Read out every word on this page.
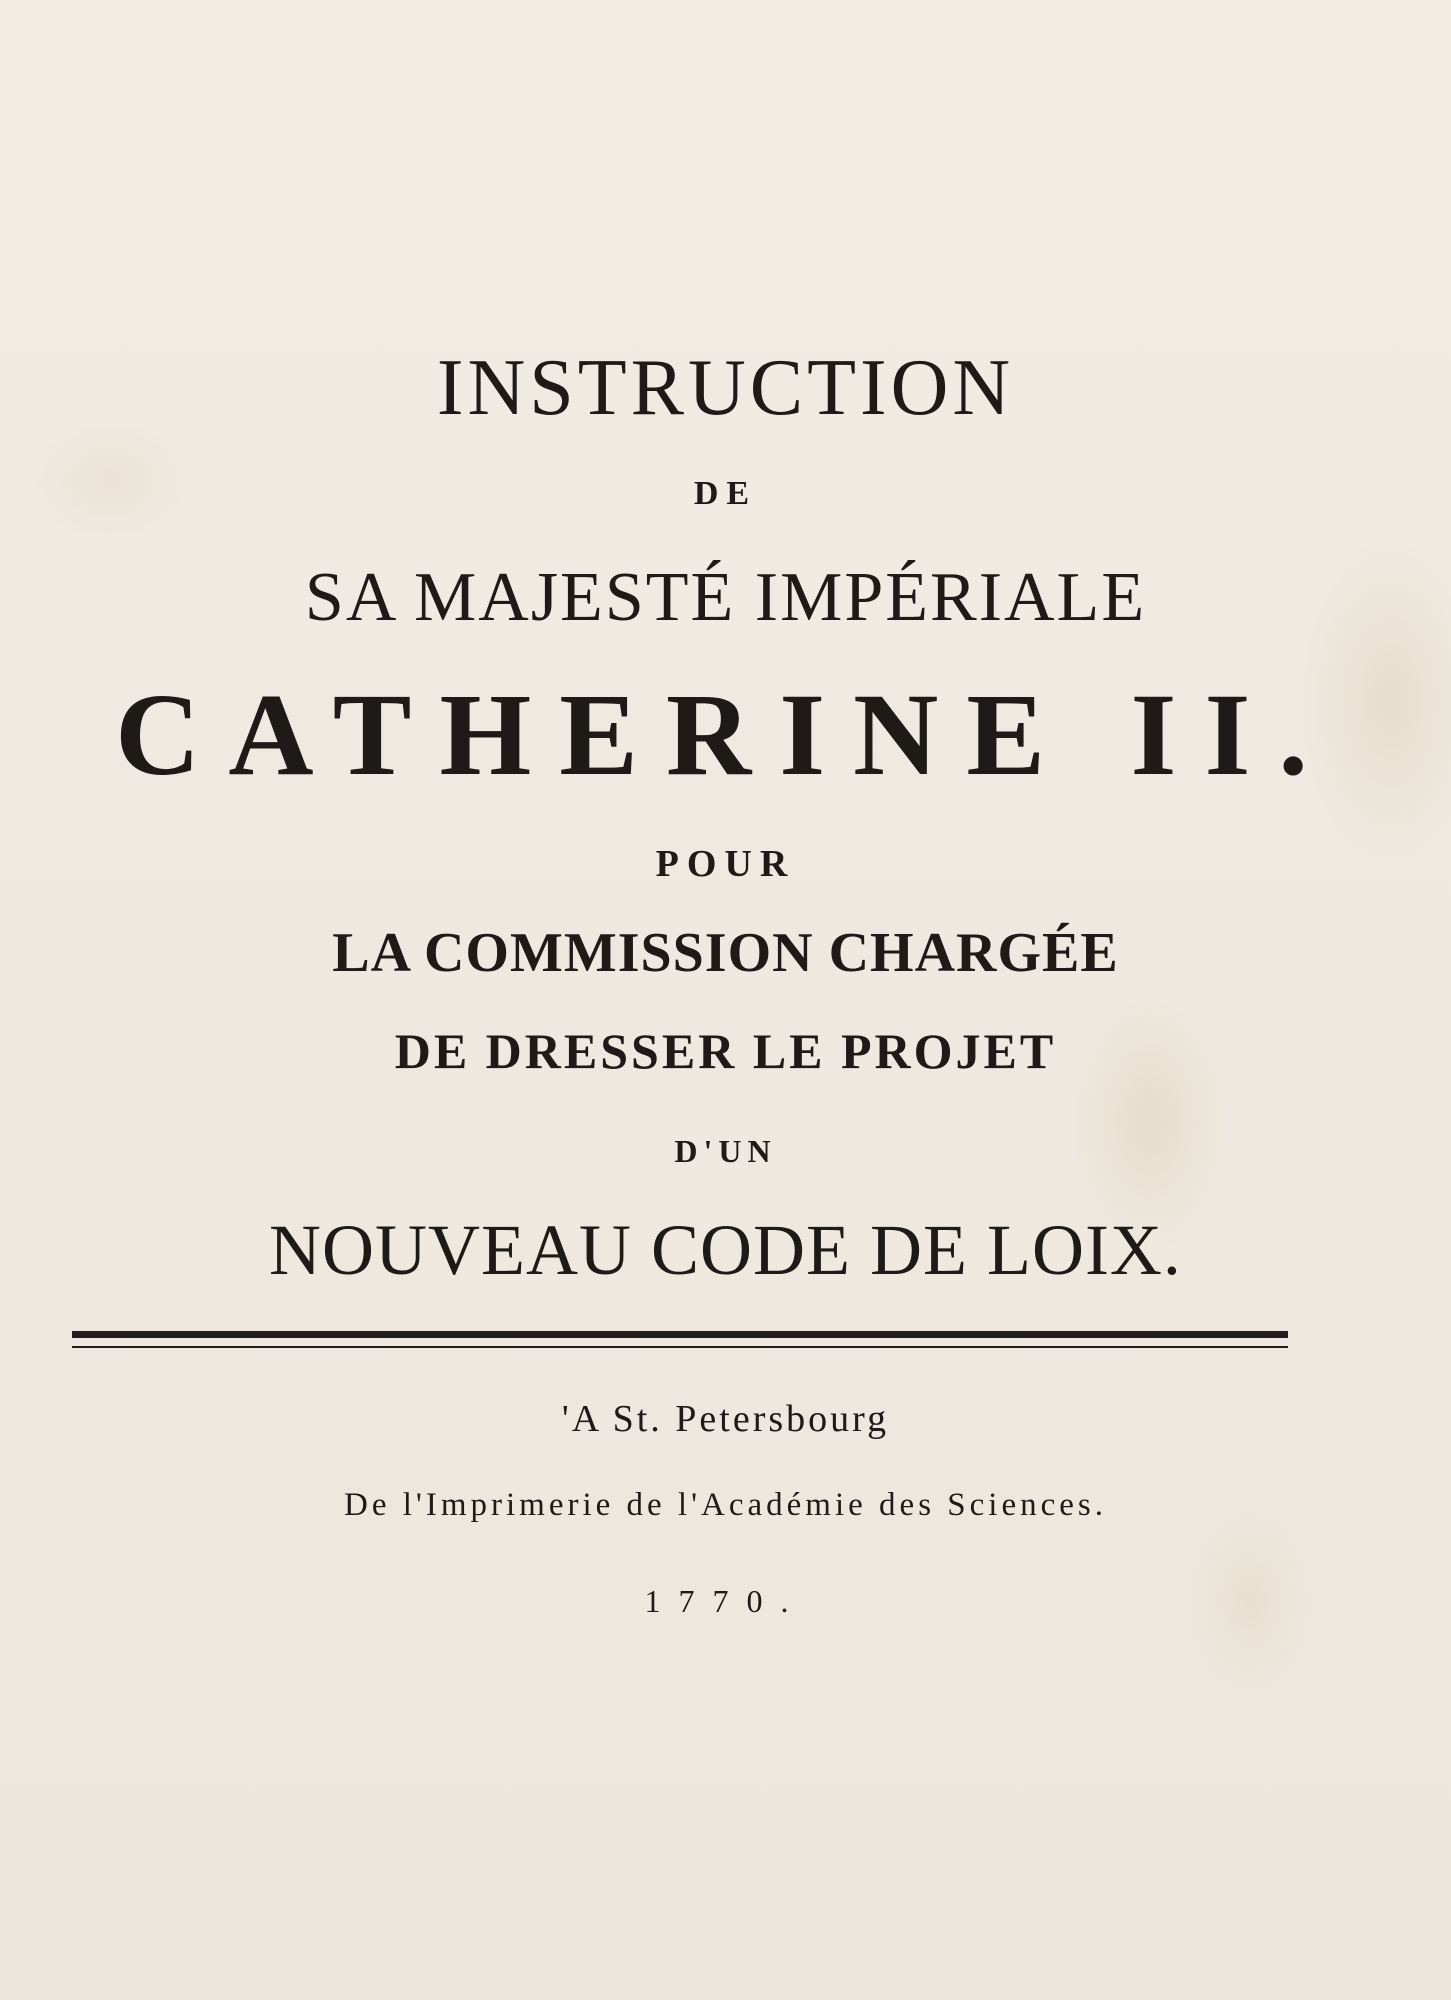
INSTRUCTION

DE

SA MAJESTÉ IMPÉRIALE

CATHERINE II.

POUR

LA COMMISSION CHARGÉE

DE DRESSER LE PROJET

D'UN

NOUVEAU CODE DE LOIX.

'A St. Petersbourg

De l'Imprimerie de l'Académie des Sciences.

1770.
